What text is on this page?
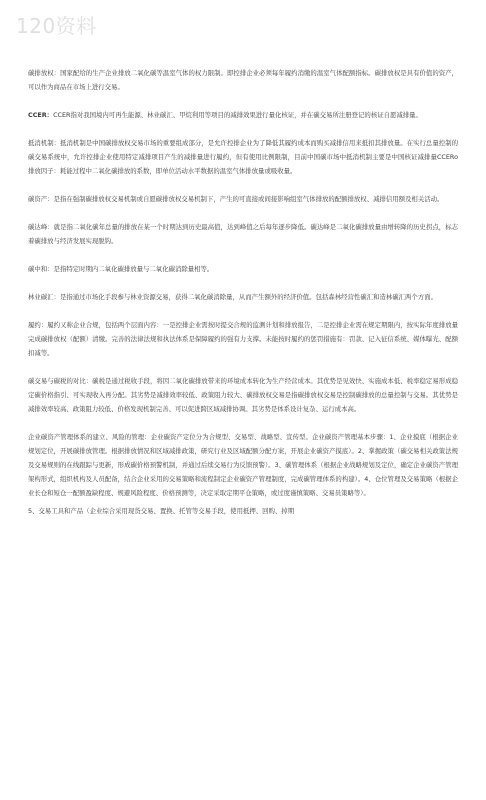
120资料

碳排放权：国家配给的生产企业排放二氧化碳等温室气体的权力限制。即控排企业必须每年履约消缴的温室气体配额指标。碳排放权是具有价值的资产，可以作为商品在市场上进行交易。

CCER：CCER指对我国境内可再生能源、林业碳汇、甲烷利用等项目的减排效果进行量化核证，并在碳交易所注册登记的核证自愿减排量。

抵消机制：抵消机制是中国碳排放权交易市场的重要组成部分，是允许控排企业为了降低其履约成本而购买减排信用来抵扣其排放量。在实行总量控制的碳交易系统中，允许控排企业使用特定减排项目产生的减排量进行履约，但有使用比例限制，目前中国碳市场中抵消机制主要是中国核证减排量CCERo排放因子：耗能过程中二氧化碳排放的系数，即单位活动水平数据的温室气体排放量或吸收量。

碳资产：是指在强制碳排放权交易机制或自愿碳排放权交易机制下，产生的可直接或间接影响组室气体排放的配额排放权、减排信用额及相关活动。

碳达峰：就是指二氧化碳年总量的排放在某一个时期达到历史最高值，达到峰值之后每年逐步降低。碳达峰是二氧化碳排放量由增转降的历史拐点，标志着碳排放与经济发展实现脱钩。

碳中和：是指特定时期内二氧化碳排放量与二氧化碳消除量相等。

林业碳汇：是指通过市场化手段参与林业资源交易，获得二氧化碳消除量，从而产生额外的经济价值。包括森林经营性碳汇和造林碳汇两个方面。

履约：履约又称企业合规，包括两个层面内容：一是控排企业需按时提交合规的监测计划和排放报告，二是控排企业需在规定期限内，按实际年度排放量完成碳排放权（配额）清缴。完善的法律法规和执法体系是保障履约的强有力支撑。未能按时履约的惩罚措施有：罚款、记入征信系统、媒体曝光、配额扣减等。

碳交易与碳税的对比：碳税是通过税收手段，将因二氧化碳排放带来的环境成本转化为生产经营成本。其优势是见效快、实施成本低、税率稳定易形成稳定碳价格指引、可实现收入再分配。其劣势是减排效率较低、政策阻力较大、碳排放权交易是指碳排放权交易是控制碳排放的总量控制与交易。其优势是减排效率较高、政策阻力较低、价格发现机制完善、可以促进跨区域减排协调。其劣势是体系设计复杂、运行成本高。

企业碳资产管理体系的建立、风险的管理：企业碳资产定位分为合规型、交易型、战略型、宣传型。企业碳资产管理基本步骤：1、企业摸底（根据企业规划定位，开展碳排放管理。根据排放情况和区域减排政策，研究行业及区域配额分配方案，开展企业碳资产摸底）。2、掌握政策（碳交易相关政策法规及交易规则的在线跟踪与更新，形成碳价格预警机制，并通过后续交易行为反馈预警）。3、碳管理体系（根据企业战略规划及定位，确定企业碳资产管理架构形式，组织机构及人员配备，结合企业采用的交易策略和流程制定企业碳资产管理制度，完成碳管理体系的构建）。4、仓位管理及交易策略（根据企业长仓和短仓一配额盈缺程度、规避风险程度、价格预测等，决定采取定期平仓策略，或过度谨慎策略、交易员策略等）。

5、交易工具和产品（企业综合采用现货交易、置换、托管等交易手段，使用抵押、回购、掉期
